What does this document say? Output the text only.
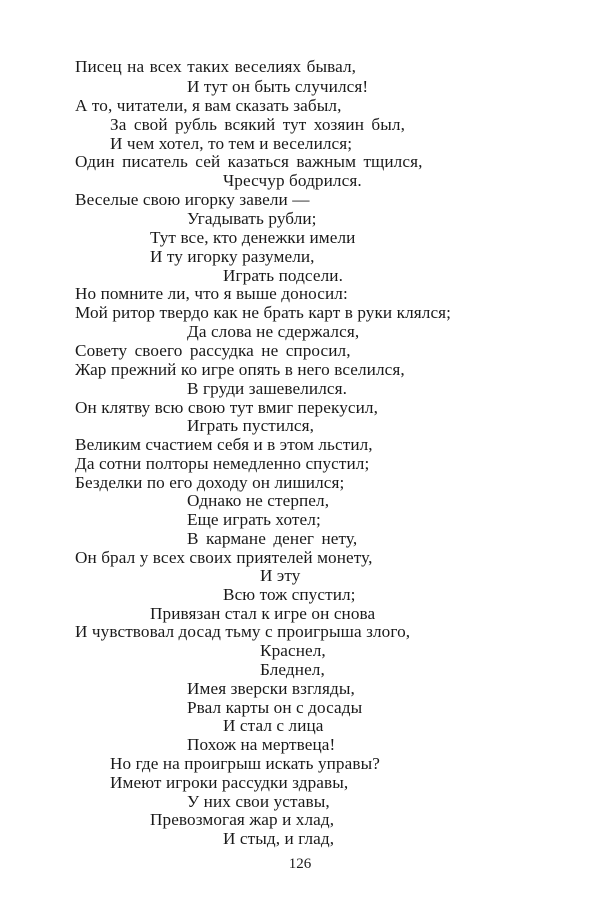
Писец на всех таких веселиях бывал,
И тут он быть случился!
А то, читатели, я вам сказать забыл,
За свой рубль всякий тут хозяин был,
И чем хотел, то тем и веселился;
Один писатель сей казаться важным тщился,
Чресчур бодрился.
Веселые свою игорку завели —
Угадывать рубли;
Тут все, кто денежки имели
И ту игорку разумели,
Играть подсели.
Но помните ли, что я выше доносил:
Мой ритор твердо как не брать карт в руки клялся;
Да слова не сдержался,
Совету своего рассудка не спросил,
Жар прежний ко игре опять в него вселился,
В груди зашевелился.
Он клятву всю свою тут вмиг перекусил,
Играть пустился,
Великим счастием себя и в этом льстил,
Да сотни полторы немедленно спустил;
Безделки по его доходу он лишился;
Однако не стерпел,
Еще играть хотел;
В кармане денег нету,
Он брал у всех своих приятелей монету,
И эту
Всю тож спустил;
Привязан стал к игре он снова
И чувствовал досад тьму с проигрыша злого,
Краснел,
Бледнел,
Имея зверски взгляды,
Рвал карты он с досады
И стал с лица
Похож на мертвеца!
Но где на проигрыш искать управы?
Имеют игроки рассудки здравы,
У них свои уставы,
Превозмогая жар и хлад,
И стыд, и глад,
126
